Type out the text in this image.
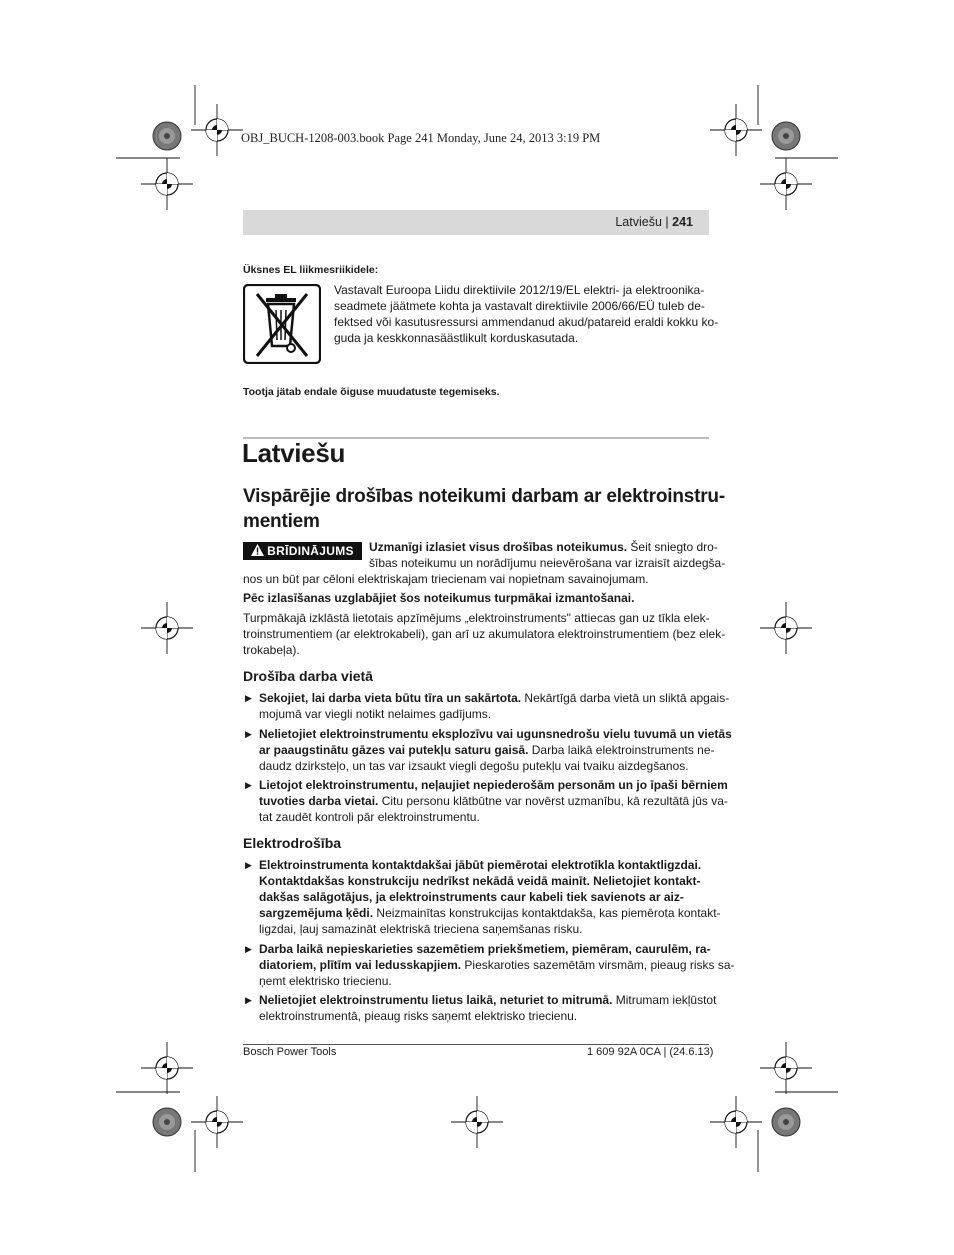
OBJ_BUCH-1208-003.book Page 241 Monday, June 24, 2013 3:19 PM
Latviešu | 241
Üksnes EL liikmesriikidele:
Vastavalt Euroopa Liidu direktiivile 2012/19/EL elektri- ja elektroonika-
seadmete jäätmete kohta ja vastavalt direktiivile 2006/66/EÜ tuleb de-
fektsed või kasutusressursi ammendanud akud/patareid eraldi kokku ko-
guda ja keskkonnasäästlikult korduskasutada.
Tootja jätab endale õiguse muudatuste tegemiseks.
Latviešu
Vispārējie drošības noteikumi darbam ar elektroinstru-
mentiem
BRĪDINĀJUMS Uzmanīgi izlasiet visus drošības noteikumus. Šeit sniegto dro-
šības noteikumu un norādījumu neievērošana var izraisīt aizdegša-
nos un būt par cēloni elektriskajam triecienam vai nopietnam savainojumam.
Pēc izlasīšanas uzglabājiet šos noteikumus turpmākai izmantošanai.
Turpmākajā izklāstā lietotais apzīmējums „elektroinstruments" attiecas gan uz tīkla elek-
troinstrumentiem (ar elektrokabeli), gan arī uz akumulatora elektroinstrumentiem (bez elek-
trokabeļa).
Drošība darba vietā
▶ Sekojiet, lai darba vieta būtu tīra un sakārtota. Nekārtīgā darba vietā un sliktā apgais-
mojumā var viegli notikt nelaimes gadījums.
▶ Nelietojiet elektroinstrumentu eksplozīvu vai ugunsnedrošu vielu tuvumā un vietās
ar paaugstinātu gāzes vai putekļu saturu gaisā. Darba laikā elektroinstruments ne-
daudz dzirksteļo, un tas var izsaukt viegli degošu putekļu vai tvaiku aizdegšanos.
▶ Lietojot elektroinstrumentu, neļaujiet nepiederošām personām un jo īpaši bērniem
tuvoties darba vietai. Citu personu klātbūtne var novērst uzmanību, kā rezultātā jūs va-
tat zaudēt kontroli pār elektroinstrumentu.
Elektrodrošība
▶ Elektroinstrumenta kontaktdakšai jābūt piemērotai elektrotīkla kontaktligzdai.
Kontaktdakšas konstrukciju nedrīkst nekādā veidā mainīt. Nelietojiet kontakt-
dakšas salāgotājus, ja elektroinstruments caur kabeli tiek savienots ar aiz-
sargzemējuma ķēdi. Neizmainītas konstrukcijas kontaktdakša, kas piemērota kontakt-
ligzdai, ļauj samazināt elektriskā trieciena saņemšanas risku.
▶ Darba laikā nepieskarieties sazemētiem priekšmetiem, piemēram, caurulēm, ra-
diatoriem, plītīm vai ledusskapjiem. Pieskaroties sazemētām virsmām, pieaug risks sa-
ņemt elektrisko triecienu.
▶ Nelietojiet elektroinstrumentu lietus laikā, neturiet to mitrumā. Mitrumam iekļūstot
elektroinstrumentā, pieaug risks saņemt elektrisko triecienu.
Bosch Power Tools	1 609 92A 0CA | (24.6.13)
